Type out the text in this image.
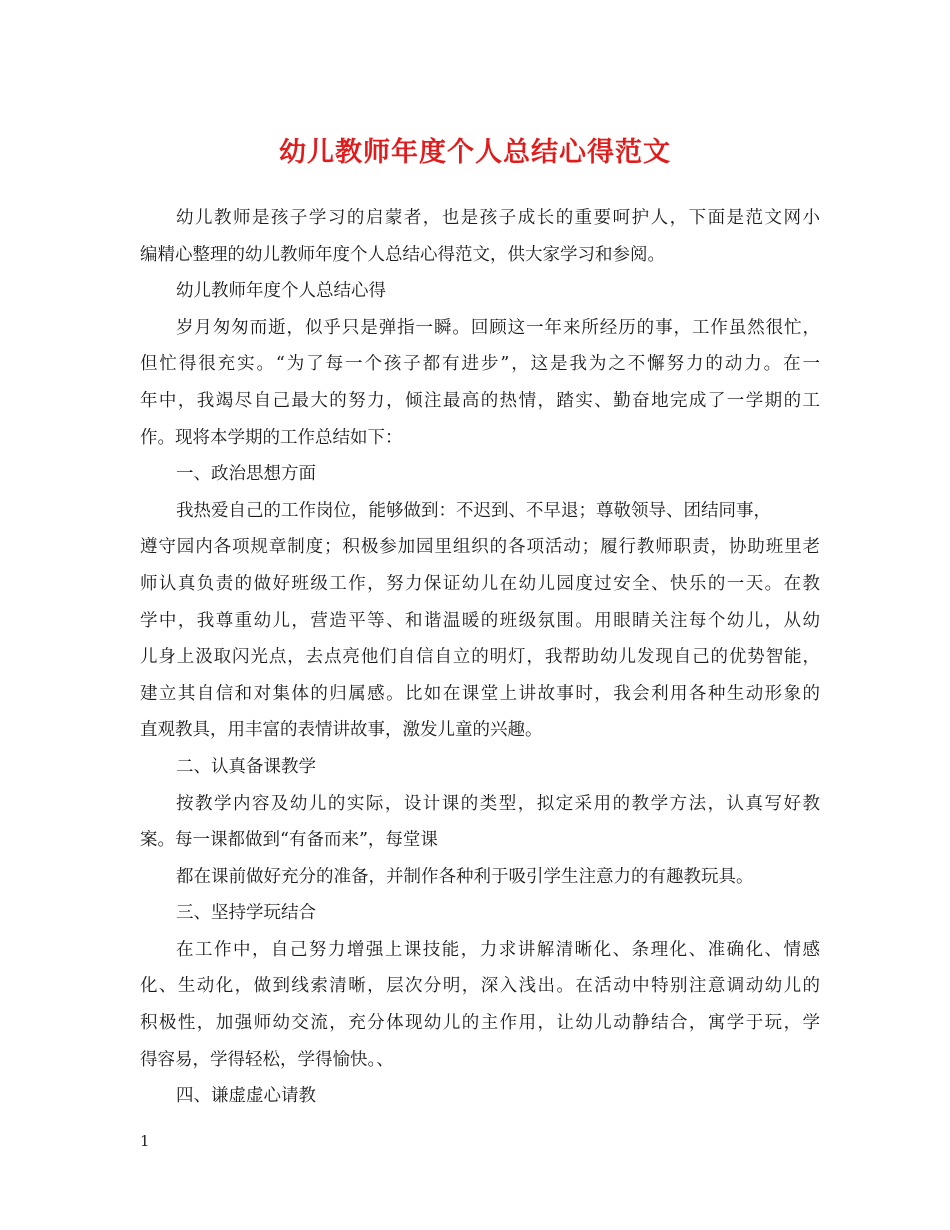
幼儿教师年度个人总结心得范文
幼儿教师是孩子学习的启蒙者，也是孩子成长的重要呵护人，下面是范文网小
编精心整理的幼儿教师年度个人总结心得范文，供大家学习和参阅。
幼儿教师年度个人总结心得
岁月匆匆而逝，似乎只是弹指一瞬。回顾这一年来所经历的事，工作虽然很忙，
但忙得很充实。“为了每一个孩子都有进步”，这是我为之不懈努力的动力。在一
年中，我竭尽自己最大的努力，倾注最高的热情，踏实、勤奋地完成了一学期的工
作。现将本学期的工作总结如下：
一、政治思想方面
我热爱自己的工作岗位，能够做到：不迟到、不早退；尊敬领导、团结同事，
遵守园内各项规章制度；积极参加园里组织的各项活动；履行教师职责，协助班里老
师认真负责的做好班级工作，努力保证幼儿在幼儿园度过安全、快乐的一天。在教
学中，我尊重幼儿，营造平等、和谐温暖的班级氛围。用眼睛关注每个幼儿，从幼
儿身上汲取闪光点，去点亮他们自信自立的明灯，我帮助幼儿发现自己的优势智能，
建立其自信和对集体的归属感。比如在课堂上讲故事时，我会利用各种生动形象的
直观教具，用丰富的表情讲故事，激发儿童的兴趣。
二、认真备课教学
按教学内容及幼儿的实际，设计课的类型，拟定采用的教学方法，认真写好教
案。每一课都做到“有备而来”，每堂课
都在课前做好充分的准备，并制作各种利于吸引学生注意力的有趣教玩具。
三、坚持学玩结合
在工作中，自己努力增强上课技能，力求讲解清晰化、条理化、准确化、情感
化、生动化，做到线索清晰，层次分明，深入浅出。在活动中特别注意调动幼儿的
积极性，加强师幼交流，充分体现幼儿的主作用，让幼儿动静结合，寓学于玩，学
得容易，学得轻松，学得愉快。、
四、谦虚虚心请教
1
